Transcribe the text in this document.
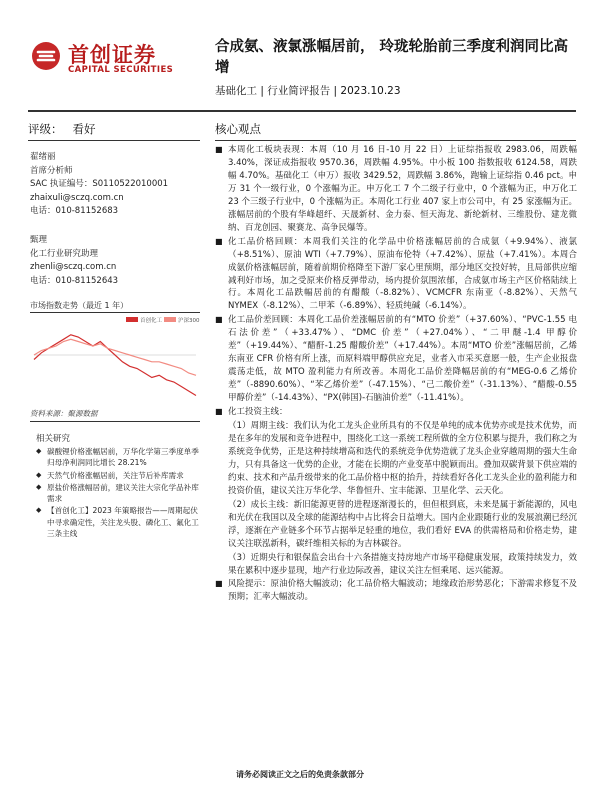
首创证券
CAPITAL SECURITIES
合成氨、液氯涨幅居前， 玲珑轮胎前三季度利润同比高增
基础化工 | 行业简评报告 | 2023.10.23
评级： 看好	核心观点
翟绪丽
首席分析师
SAC 执证编号：S0110522010001
zhaixuli@sczq.com.cn
电话：010-81152683
甄理
化工行业研究助理
zhenli@sczq.com.cn
电话：010-81152643
市场指数走势（最近 1 年）
首创化工	沪深300
资料来源：聚源数据
相关研究
◆ 碳酸锂价格涨幅居前，万华化学第三季度单季归母净利润同比增长 28.21%
◆ 天然气价格涨幅居前，关注节后补库需求
◆ 原盐价格涨幅居前，建议关注大宗化学品补库需求
◆ 【首创化工】2023 年策略报告——周期起伏中寻求确定性，关注龙头股、磷化工、氟化工三条主线
■ 本周化工板块表现：本周（10 月 16 日-10 月 22 日）上证综指报收 2983.06，周跌幅 3.40%，深证成指报收 9570.36，周跌幅 4.95%。中小板 100 指数报收 6124.58，周跌幅 4.70%。基础化工（申万）报收 3429.52，周跌幅 3.86%，跑输上证综指 0.46 pct。申万 31 个一级行业，0 个涨幅为正。申万化工 7 个二级子行业中，0 个涨幅为正，申万化工 23 个三级子行业中，0 个涨幅为正。本周化工行业 407 家上市公司中，有 25 家涨幅为正。涨幅居前的个股有华峰超纤、天晟新材、金力泰、恒天海龙、新纶新材、三维股份、建龙微纳、百龙创园、聚赛龙、高争民爆等。
■ 化工品价格回顾：本周我们关注的化学品中价格涨幅居前的合成氨（+9.94%）、液氯（+8.51%）、原油 WTI（+7.79%）、原油布伦特（+7.42%）、原盐（+7.41%）。本周合成氨价格涨幅居前，随着前期价格降至下游厂家心里预期，部分地区交投好转，且局部供应缩减利好市场，加之受原来价格反弹带动，场内提价氛围浓郁，合成氨市场主产区价格陆续上行。本周化工品跌幅居前的有醋酸（-8.82%）、VCMCFR 东南亚（-8.82%）、天然气 NYMEX（-8.12%）、二甲苯（-6.89%）、轻质纯碱（-6.14%）。
■ 化工品价差回顾：本周化工品价差涨幅居前的有“MTO 价差”（+37.60%）、“PVC-1.55 电石法价差”（+33.47%）、“DMC 价差”（+27.04%）、“二甲醚-1.4 甲醇价差”（+19.44%）、“醋酐-1.25 醋酸价差”（+17.44%）。本周“MTO 价差”涨幅居前，乙烯东南亚 CFR 价格有所上涨，而原料端甲醇供应充足，业者入市采买意愿一般，生产企业报盘震荡走低，故 MTO 盈利能力有所改善。本周化工品价差降幅居前的有“MEG-0.6 乙烯价差”（-8890.60%）、“苯乙烯价差”（-47.15%）、“己二酸价差”（-31.13%）、“醋酸-0.55 甲醇价差”（-14.43%）、“PX(韩国)-石脑油价差”（-11.41%）。
■ 化工投资主线：
（1）周期主线：我们认为化工龙头企业所具有的不仅是单纯的成本优势亦或是技术优势，而是在多年的发展和竞争进程中，围绕化工这一系统工程所做的全方位积累与提升，我们称之为系统竞争优势，正是这种持续增高和迭代的系统竞争优势造就了龙头企业穿越周期的强大生命力，只有具备这一优势的企业，才能在长期的产业变革中脱颖而出。叠加双碳背景下供应端的约束、技术和产品升级带来的化工品价格中枢的抬升，持续看好各化工龙头企业的盈利能力和投资价值，建议关注万华化学、华鲁恒升、宝丰能源、卫星化学、云天化。
（2）成长主线：新旧能源更替的进程逐渐漫长的，但但根到底，未来是属于新能源的，风电和光伏在我国以及全球的能源结构中占比将会日益增大。国内企业跟随行业的发展浪潮已经沉浮，逐渐在产业链多个环节占据举足轻重的地位，我们看好 EVA 的供需格局和价格走势，建议关注联泓新科，碳纤维相关标的为吉林碳谷。
（3）近期央行和银保监会出台十六条措施支持房地产市场平稳健康发展，政策持续发力，效果在累积中逐步显现，地产行业边际改善，建议关注左恒乘尾、远兴能源。
■ 风险提示：原油价格大幅波动；化工品价格大幅波动；地缘政治形势恶化；下游需求修复不及预期；汇率大幅波动。
请务必阅读正文之后的免责条款部分
